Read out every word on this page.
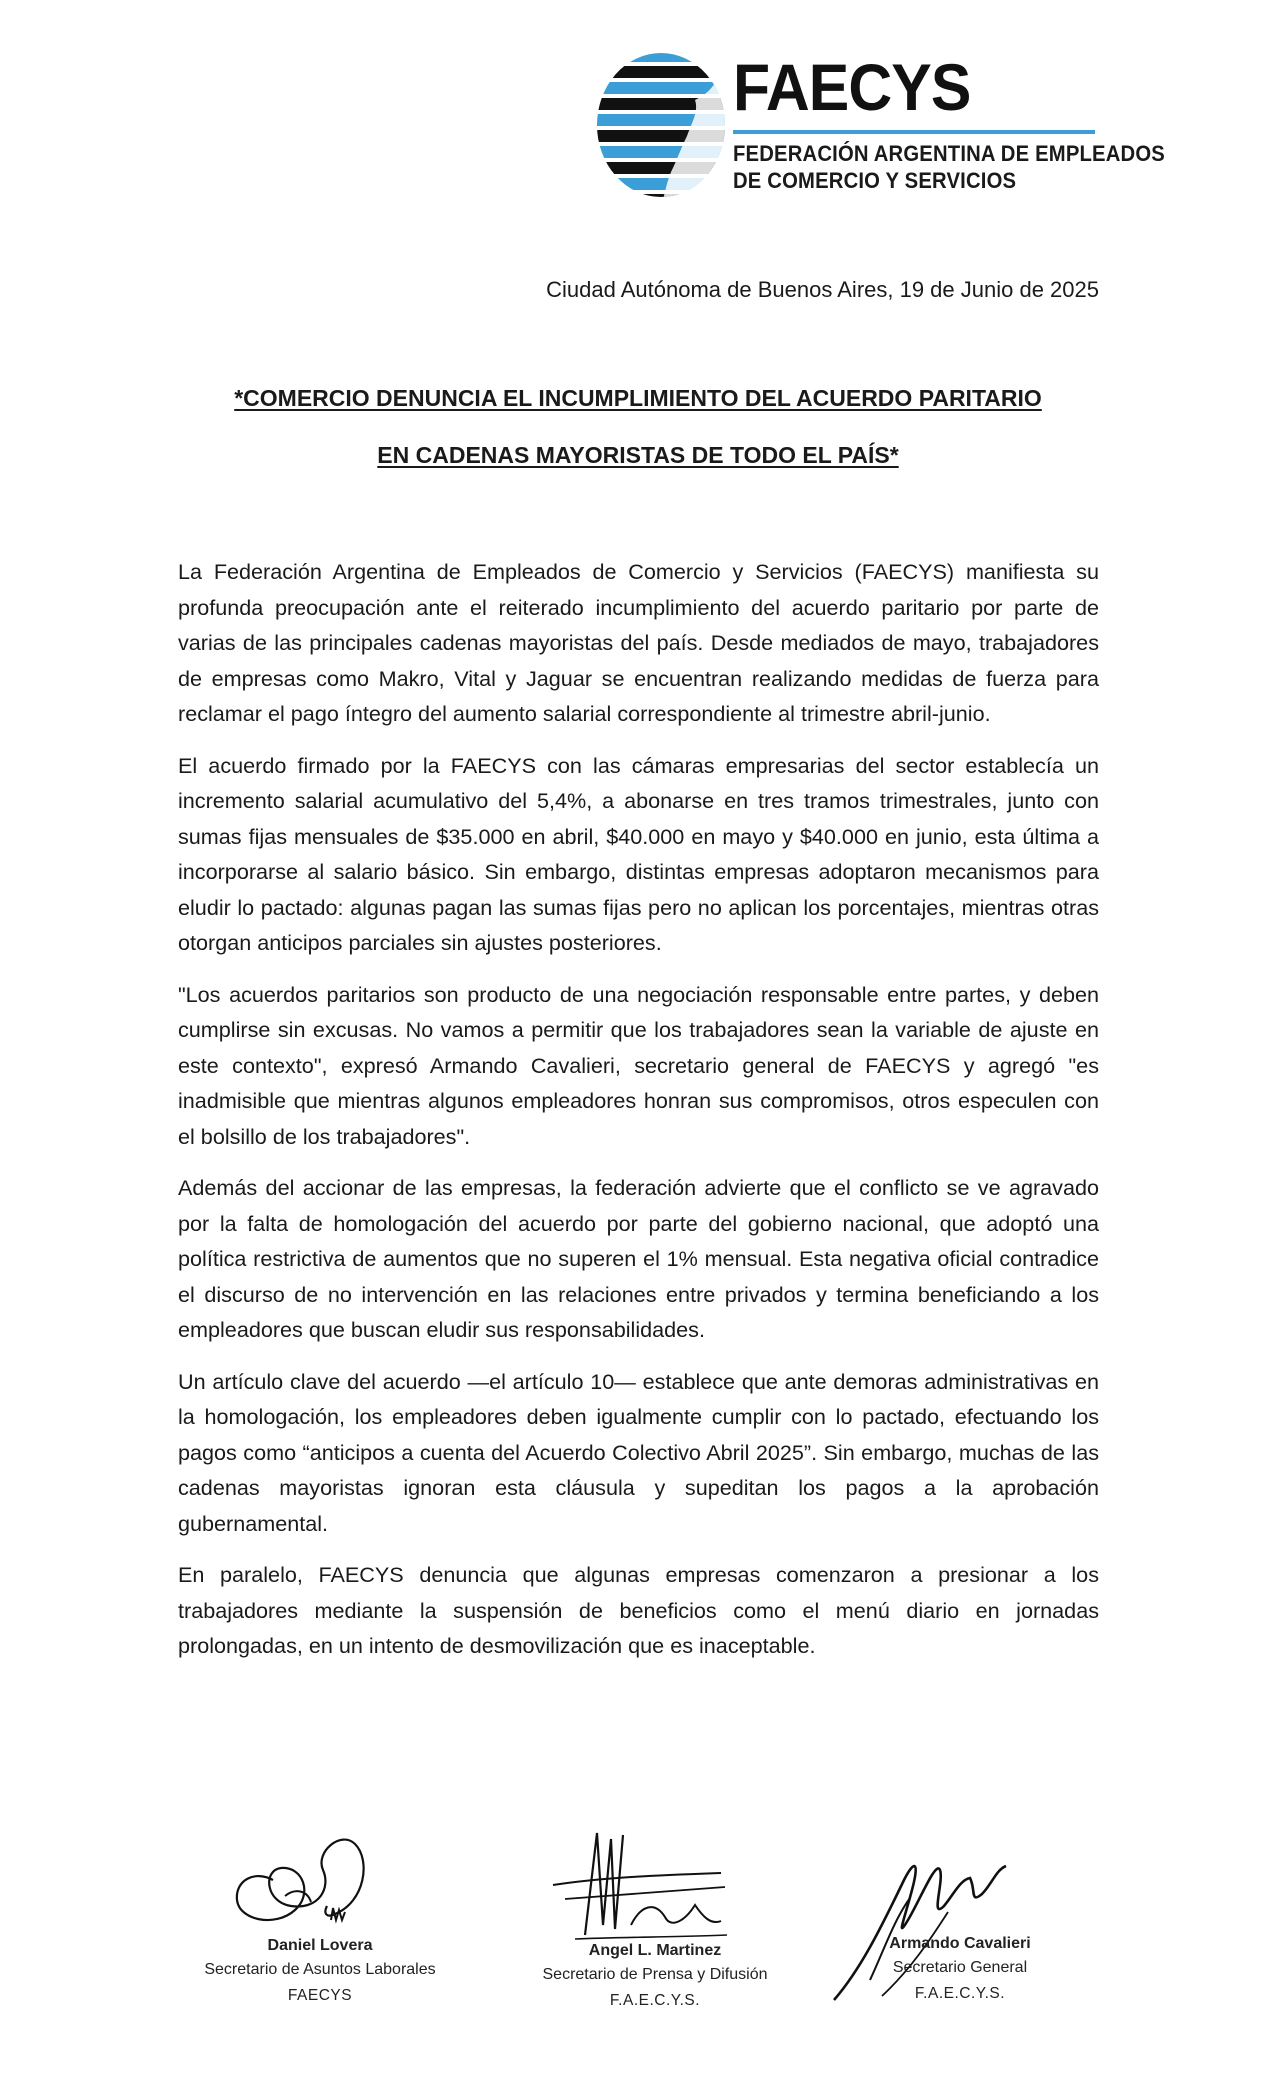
FAECYS
FEDERACIÓN ARGENTINA DE EMPLEADOS
DE COMERCIO Y SERVICIOS
Ciudad Autónoma de Buenos Aires, 19 de Junio de 2025
*COMERCIO DENUNCIA EL INCUMPLIMIENTO DEL ACUERDO PARITARIO
EN CADENAS MAYORISTAS DE TODO EL PAÍS*

La Federación Argentina de Empleados de Comercio y Servicios (FAECYS) manifiesta su profunda preocupación ante el reiterado incumplimiento del acuerdo paritario por parte de varias de las principales cadenas mayoristas del país. Desde mediados de mayo, trabajadores de empresas como Makro, Vital y Jaguar se encuentran realizando medidas de fuerza para reclamar el pago íntegro del aumento salarial correspondiente al trimestre abril-junio.

El acuerdo firmado por la FAECYS con las cámaras empresarias del sector establecía un incremento salarial acumulativo del 5,4%, a abonarse en tres tramos trimestrales, junto con sumas fijas mensuales de $35.000 en abril, $40.000 en mayo y $40.000 en junio, esta última a incorporarse al salario básico. Sin embargo, distintas empresas adoptaron mecanismos para eludir lo pactado: algunas pagan las sumas fijas pero no aplican los porcentajes, mientras otras otorgan anticipos parciales sin ajustes posteriores.

"Los acuerdos paritarios son producto de una negociación responsable entre partes, y deben cumplirse sin excusas. No vamos a permitir que los trabajadores sean la variable de ajuste en este contexto", expresó Armando Cavalieri, secretario general de FAECYS y agregó "es inadmisible que mientras algunos empleadores honran sus compromisos, otros especulen con el bolsillo de los trabajadores".

Además del accionar de las empresas, la federación advierte que el conflicto se ve agravado por la falta de homologación del acuerdo por parte del gobierno nacional, que adoptó una política restrictiva de aumentos que no superen el 1% mensual. Esta negativa oficial contradice el discurso de no intervención en las relaciones entre privados y termina beneficiando a los empleadores que buscan eludir sus responsabilidades.

Un artículo clave del acuerdo —el artículo 10— establece que ante demoras administrativas en la homologación, los empleadores deben igualmente cumplir con lo pactado, efectuando los pagos como “anticipos a cuenta del Acuerdo Colectivo Abril 2025”. Sin embargo, muchas de las cadenas mayoristas ignoran esta cláusula y supeditan los pagos a la aprobación gubernamental.

En paralelo, FAECYS denuncia que algunas empresas comenzaron a presionar a los trabajadores mediante la suspensión de beneficios como el menú diario en jornadas prolongadas, en un intento de desmovilización que es inaceptable.

Daniel Lovera
Secretario de Asuntos Laborales
FAECYS
Angel L. Martinez
Secretario de Prensa y Difusión
F.A.E.C.Y.S.
Armando Cavalieri
Secretario General
F.A.E.C.Y.S.
